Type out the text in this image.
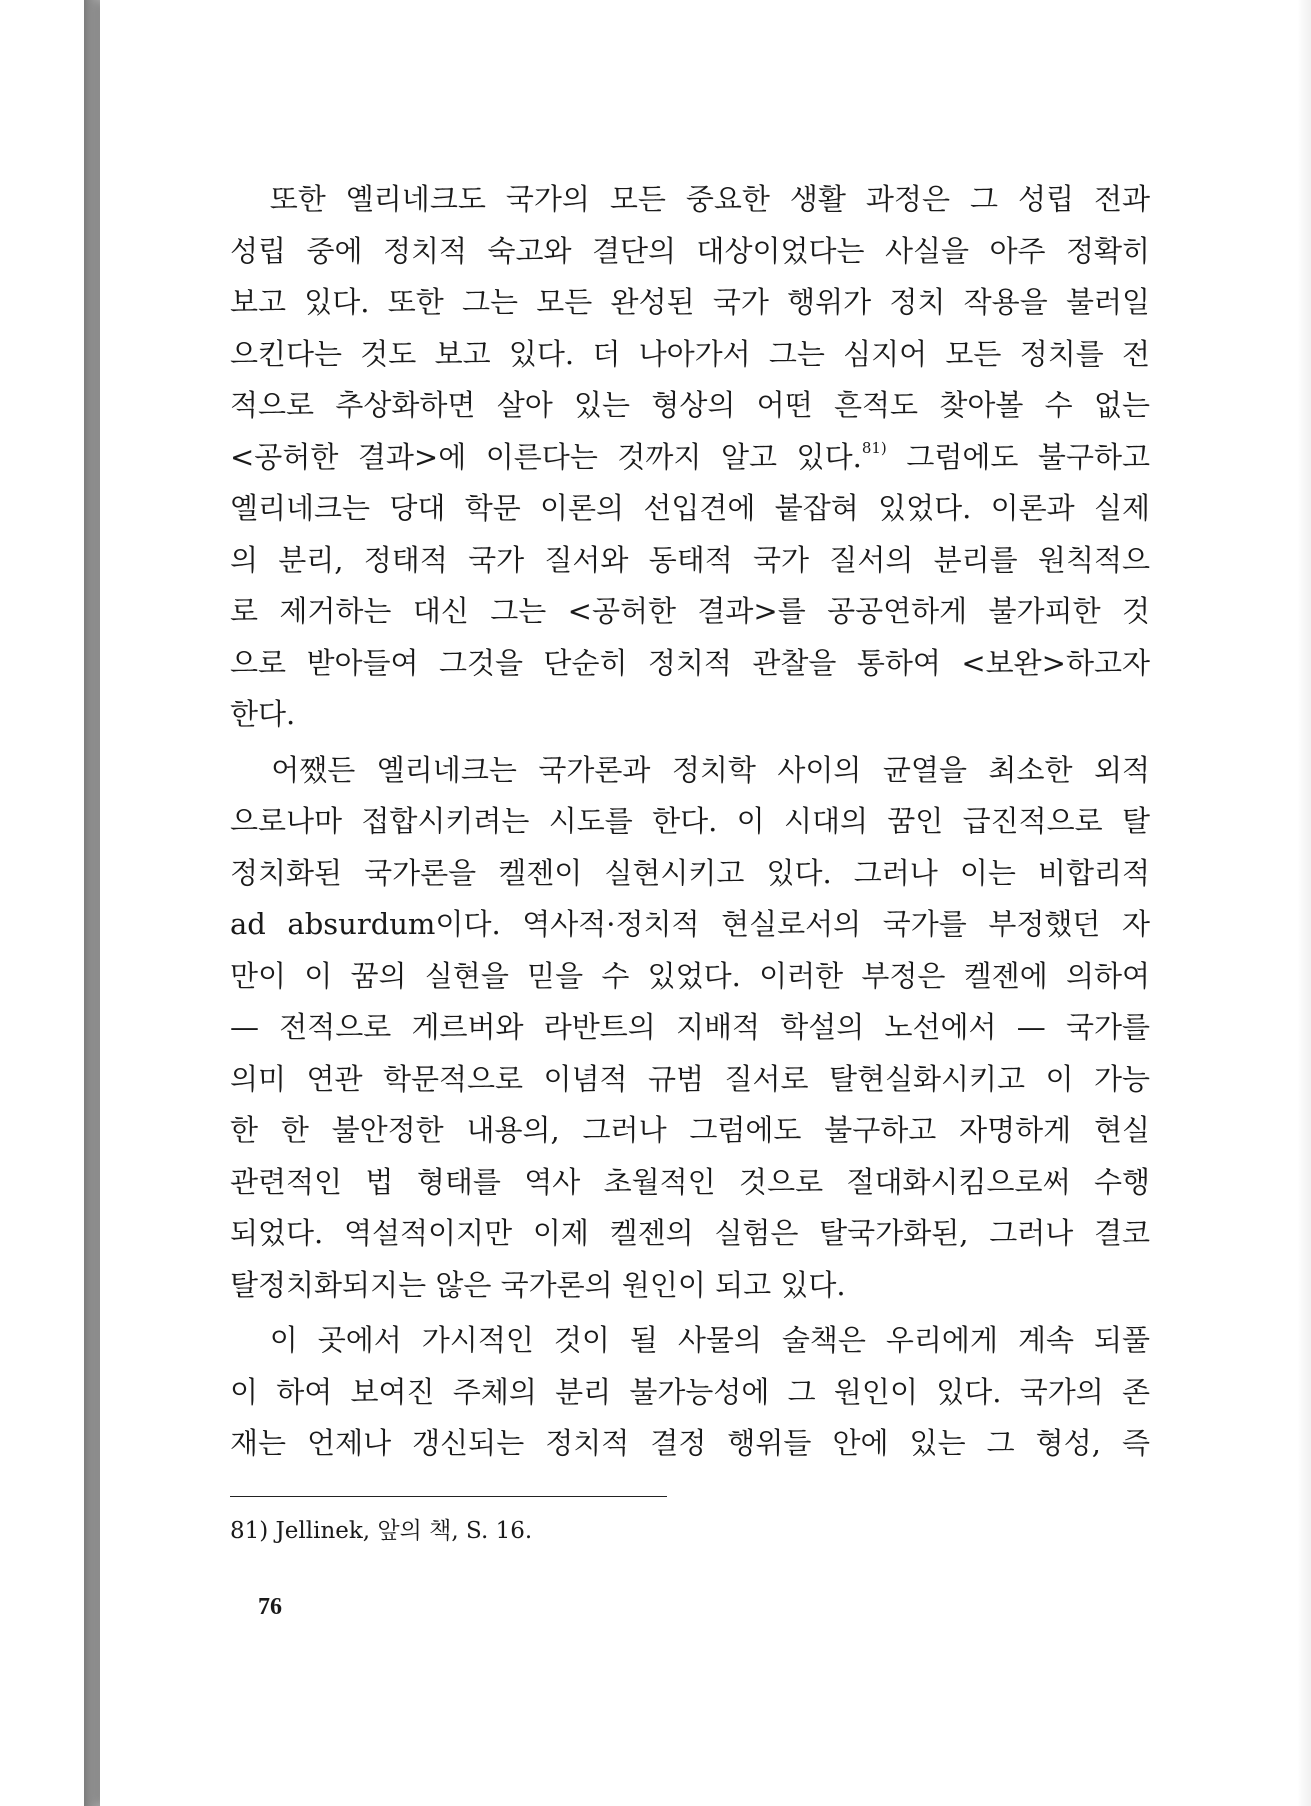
　또한 옐리네크도 국가의 모든 중요한 생활 과정은 그 성립 전과
성립 중에 정치적 숙고와 결단의 대상이었다는 사실을 아주 정확히
보고 있다. 또한 그는 모든 완성된 국가 행위가 정치 작용을 불러일
으킨다는 것도 보고 있다. 더 나아가서 그는 심지어 모든 정치를 전
적으로 추상화하면 살아 있는 형상의 어떤 흔적도 찾아볼 수 없는
<공허한 결과>에 이른다는 것까지 알고 있다.$^{81)}$ 그럼에도 불구하고
옐리네크는 당대 학문 이론의 선입견에 붙잡혀 있었다. 이론과 실제
의 분리, 정태적 국가 질서와 동태적 국가 질서의 분리를 원칙적으
로 제거하는 대신 그는 <공허한 결과>를 공공연하게 불가피한 것
으로 받아들여 그것을 단순히 정치적 관찰을 통하여 <보완>하고자
한다.
　어쨌든 옐리네크는 국가론과 정치학 사이의 균열을 최소한 외적
으로나마 접합시키려는 시도를 한다. 이 시대의 꿈인 급진적으로 탈
정치화된 국가론을 켈젠이 실현시키고 있다. 그러나 이는 비합리적
ad absurdum이다. 역사적·정치적 현실로서의 국가를 부정했던 자
만이 이 꿈의 실현을 믿을 수 있었다. 이러한 부정은 켈젠에 의하여
— 전적으로 게르버와 라반트의 지배적 학설의 노선에서 — 국가를
의미 연관 학문적으로 이념적 규범 질서로 탈현실화시키고 이 가능
한 한 불안정한 내용의, 그러나 그럼에도 불구하고 자명하게 현실
관련적인 법 형태를 역사 초월적인 것으로 절대화시킴으로써 수행
되었다. 역설적이지만 이제 켈젠의 실험은 탈국가화된, 그러나 결코
탈정치화되지는 않은 국가론의 원인이 되고 있다.
　이 곳에서 가시적인 것이 될 사물의 술책은 우리에게 계속 되풀
이 하여 보여진 주체의 분리 불가능성에 그 원인이 있다. 국가의 존
재는 언제나 갱신되는 정치적 결정 행위들 안에 있는 그 형성, 즉
81) Jellinek, 앞의 책, S. 16.
76
